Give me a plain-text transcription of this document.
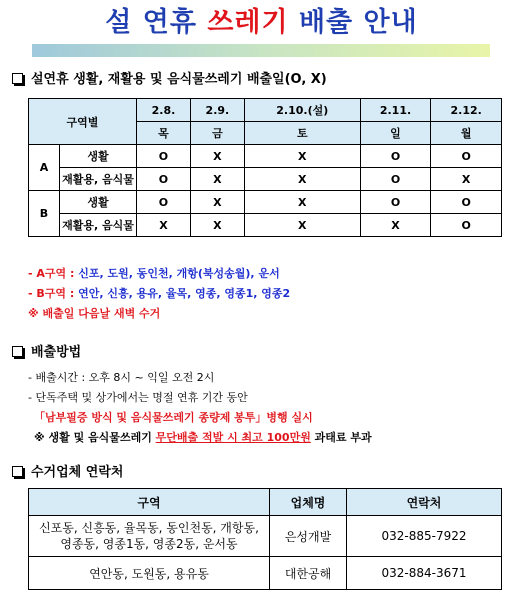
설 연휴 쓰레기 배출 안내
설연휴 생활, 재활용 및 음식물쓰레기 배출일(O, X)
구역별		2.8.	2.9.	2.10.(설)	2.11.	2.12.
		목	금	토	일	월
A	생활	O	X	X	O	O
	재활용, 음식물	O	X	X	O	X
B	생활	O	X	X	O	O
	재활용, 음식물	X	X	X	X	O
- A구역 : 신포, 도원, 동인천, 개항(북성송월), 운서
- B구역 : 연안, 신흥, 용유, 율목, 영종, 영종1, 영종2
※ 배출일 다음날 새벽 수거
배출방법
- 배출시간 : 오후 8시 ~ 익일 오전 2시
- 단독주택 및 상가에서는 명절 연휴 기간 동안
「남부필증 방식 및 음식물쓰레기 종량제 봉투」병행 실시
※ 생활 및 음식물쓰레기 무단배출 적발 시 최고 100만원 과태료 부과
수거업체 연락처
구역	업체명	연락처
신포동, 신흥동, 율목동, 동인천동, 개항동, 영종동, 영종1동, 영종2동, 운서동	은성개발	032-885-7922
연안동, 도원동, 용유동	대한공해	032-884-3671
